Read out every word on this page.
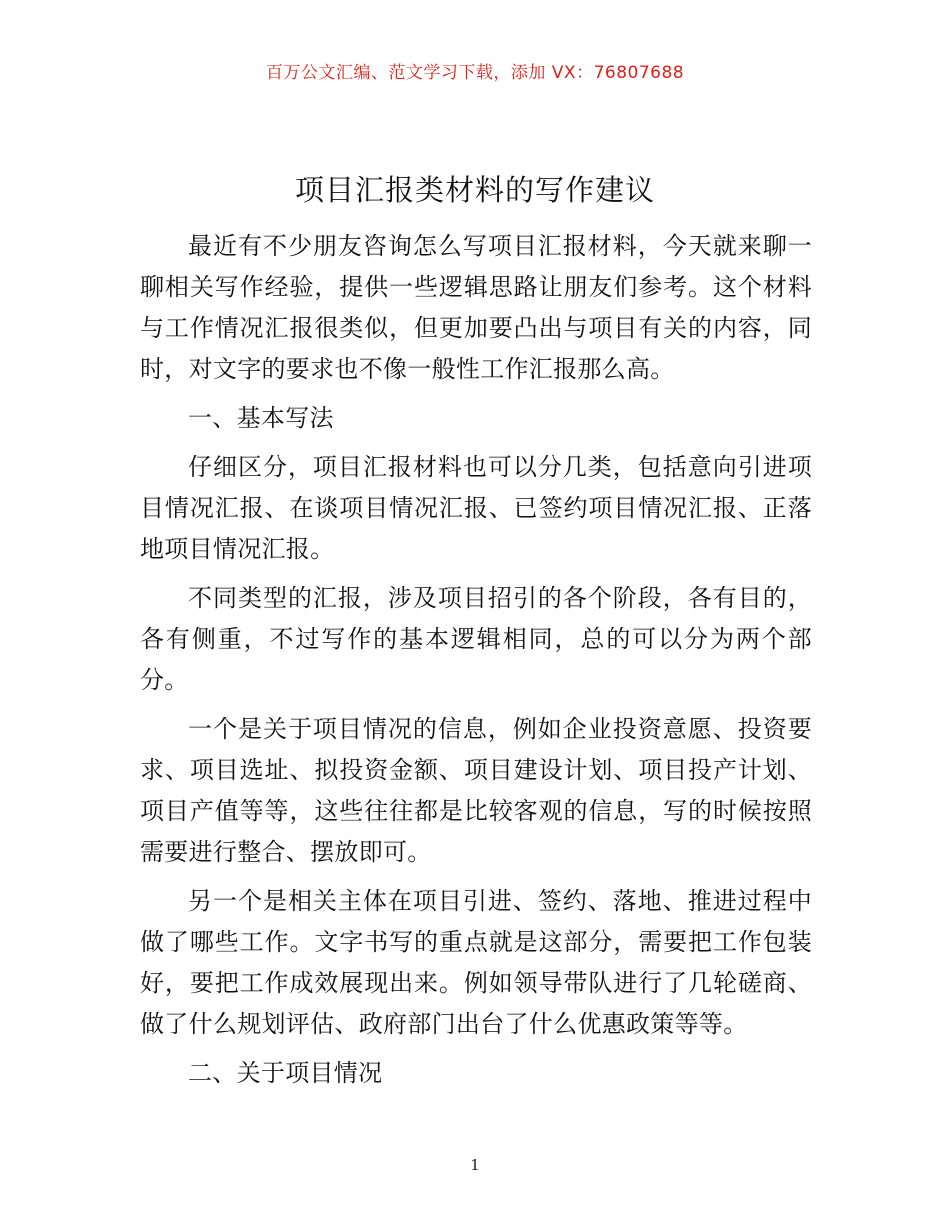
百万公文汇编、范文学习下载，添加 VX：76807688
项目汇报类材料的写作建议

最近有不少朋友咨询怎么写项目汇报材料，今天就来聊一聊相关写作经验，提供一些逻辑思路让朋友们参考。这个材料与工作情况汇报很类似，但更加要凸出与项目有关的内容，同时，对文字的要求也不像一般性工作汇报那么高。

一、基本写法

仔细区分，项目汇报材料也可以分几类，包括意向引进项目情况汇报、在谈项目情况汇报、已签约项目情况汇报、正落地项目情况汇报。

不同类型的汇报，涉及项目招引的各个阶段，各有目的，各有侧重，不过写作的基本逻辑相同，总的可以分为两个部分。

一个是关于项目情况的信息，例如企业投资意愿、投资要求、项目选址、拟投资金额、项目建设计划、项目投产计划、项目产值等等，这些往往都是比较客观的信息，写的时候按照需要进行整合、摆放即可。

另一个是相关主体在项目引进、签约、落地、推进过程中做了哪些工作。文字书写的重点就是这部分，需要把工作包装好，要把工作成效展现出来。例如领导带队进行了几轮磋商、做了什么规划评估、政府部门出台了什么优惠政策等等。

二、关于项目情况

1
